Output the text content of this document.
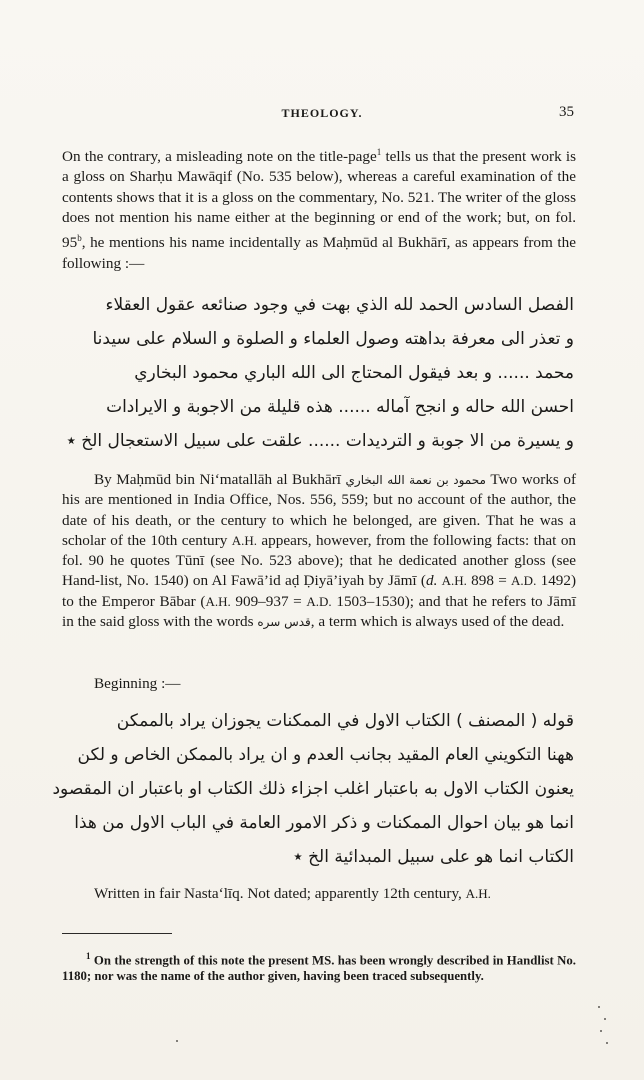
THEOLOGY.	35

On the contrary, a misleading note on the title-page$^1$ tells us that the present work is a gloss on Sharḥu Mawāqif (No. 535 below), whereas a careful examination of the contents shows that it is a gloss on the commentary, No. 521. The writer of the gloss does not mention his name either at the beginning or end of the work; but, on fol. 95$^b$, he mentions his name incidentally as Maḥmūd al Bukhārī, as appears from the following :—

الفصل السادس الحمد لله الذي بهت في وجود صنائعه عقول العقلاء
و تعذر الى معرفة بداهته وصول العلماء و الصلوة و السلام على سيدنا
محمد ...... و بعد فيقول المحتاج الى الله الباري محمود البخاري
احسن الله حاله و انجح آماله ...... هذه قليلة من الاجوبة و الايرادات
و يسيرة من الا جوبة و الترديدات ...... علقت على سبيل الاستعجال الخ ٭

By Maḥmūd bin Ni‘matallāh al Bukhārī محمود بن نعمة الله البخاري Two works of his are mentioned in India Office, Nos. 556, 559; but no account of the author, the date of his death, or the century to which he belonged, are given. That he was a scholar of the 10th century A.H. appears, however, from the following facts: that on fol. 90 he quotes Tūnī (see No. 523 above); that he dedicated another gloss (see Hand-list, No. 1540) on Al Fawā’id aḍ Ḍiyā’iyah by Jāmī (d. A.H. 898 = A.D. 1492) to the Emperor Bābar (A.H. 909–937 = A.D. 1503–1530); and that he refers to Jāmī in the said gloss with the words قدس سره, a term which is always used of the dead.

Beginning :—

قوله ( المصنف ) الكتاب الاول في الممكنات يجوزان يراد بالممكن
ههنا التكويني العام المقيد بجانب العدم و ان يراد بالممكن الخاص و لكن
يعنون الكتاب الاول به باعتبار اغلب اجزاء ذلك الكتاب او باعتبار ان المقصود
انما هو بيان احوال الممكنات و ذكر الامور العامة في الباب الاول من هذا
الكتاب انما هو على سبيل المبدائية الخ ٭

Written in fair Nasta‘līq. Not dated; apparently 12th century, A.H.

$^1$ On the strength of this note the present MS. has been wrongly described in Handlist No. 1180; nor was the name of the author given, having been traced subsequently.
